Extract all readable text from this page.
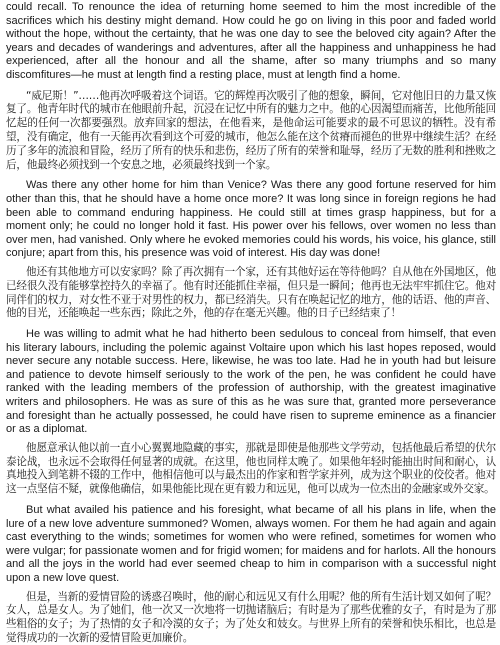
could recall. To renounce the idea of returning home seemed to him the most incredible of the sacrifices which his destiny might demand. How could he go on living in this poor and faded world without the hope, without the certainty, that he was one day to see the beloved city again? After the years and decades of wanderings and adventures, after all the happiness and unhappiness he had experienced, after all the honour and all the shame, after so many triumphs and so many discomfitures—he must at length find a resting place, must at length find a home.

“威尼斯！”……他再次呼吸着这个词语。它的辉煌再次吸引了他的想象，瞬间，它对他旧日的力量又恢复了。他青年时代的城市在他眼前升起，沉浸在记忆中所有的魅力之中。他的心因渴望而痛苦，比他所能回忆起的任何一次都要强烈。放弃回家的想法，在他看来，是他命运可能要求的最不可思议的牺牲。没有希望，没有确定，他有一天能再次看到这个可爱的城市，他怎么能在这个贫瘠而褪色的世界中继续生活？在经历了多年的流浪和冒险，经历了所有的快乐和悲伤，经历了所有的荣誉和耻辱，经历了无数的胜利和挫败之后，他最终必须找到一个安息之地，必须最终找到一个家。

Was there any other home for him than Venice? Was there any good fortune reserved for him other than this, that he should have a home once more? It was long since in foreign regions he had been able to command enduring happiness. He could still at times grasp happiness, but for a moment only; he could no longer hold it fast. His power over his fellows, over women no less than over men, had vanished. Only where he evoked memories could his words, his voice, his glance, still conjure; apart from this, his presence was void of interest. His day was done!

他还有其他地方可以安家吗？除了再次拥有一个家，还有其他好运在等待他吗？自从他在外国地区，他已经很久没有能够掌控持久的幸福了。他有时还能抓住幸福，但只是一瞬间；他再也无法牢牢抓住它。他对同伴们的权力，对女性不亚于对男性的权力，都已经消失。只有在唤起记忆的地方，他的话语、他的声音、他的目光，还能唤起一些东西；除此之外，他的存在毫无兴趣。他的日子已经结束了！

He was willing to admit what he had hitherto been sedulous to conceal from himself, that even his literary labours, including the polemic against Voltaire upon which his last hopes reposed, would never secure any notable success. Here, likewise, he was too late. Had he in youth had but leisure and patience to devote himself seriously to the work of the pen, he was confident he could have ranked with the leading members of the profession of authorship, with the greatest imaginative writers and philosophers. He was as sure of this as he was sure that, granted more perseverance and foresight than he actually possessed, he could have risen to supreme eminence as a financier or as a diplomat.

他愿意承认他以前一直小心翼翼地隐藏的事实，那就是即使是他那些文学劳动，包括他最后希望的伏尔泰论战，也永远不会取得任何显著的成就。在这里，他也同样太晚了。如果他年轻时能抽出时间和耐心，认真地投入到笔耕不辍的工作中，他相信他可以与最杰出的作家和哲学家并列，成为这个职业的佼佼者。他对这一点坚信不疑，就像他确信，如果他能比现在更有毅力和远见，他可以成为一位杰出的金融家或外交家。

But what availed his patience and his foresight, what became of all his plans in life, when the lure of a new love adventure summoned? Women, always women. For them he had again and again cast everything to the winds; sometimes for women who were refined, sometimes for women who were vulgar; for passionate women and for frigid women; for maidens and for harlots. All the honours and all the joys in the world had ever seemed cheap to him in comparison with a successful night upon a new love quest.

但是，当新的爱情冒险的诱惑召唤时，他的耐心和远见又有什么用呢？他的所有生活计划又如何了呢？女人，总是女人。为了她们，他一次又一次地将一切抛诸脑后；有时是为了那些优雅的女子，有时是为了那些粗俗的女子；为了热情的女子和冷漠的女子；为了处女和妓女。与世界上所有的荣誉和快乐相比，也总是觉得成功的一次新的爱情冒险更加廉价。
